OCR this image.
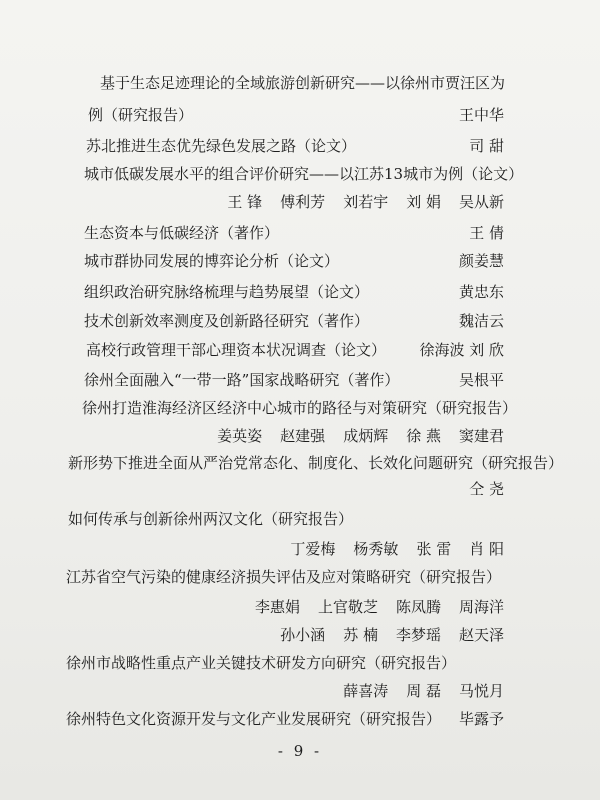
基于生态足迹理论的全域旅游创新研究——以徐州市贾汪区为
例（研究报告）	王中华
苏北推进生态优先绿色发展之路（论文）	司 甜
城市低碳发展水平的组合评价研究——以江苏13城市为例（论文）
王 锋 傅利芳 刘若宇 刘 娟 吴从新
生态资本与低碳经济（著作）	王 倩
城市群协同发展的博弈论分析（论文）	颜姜慧
组织政治研究脉络梳理与趋势展望（论文）	黄忠东
技术创新效率测度及创新路径研究（著作）	魏洁云
高校行政管理干部心理资本状况调查（论文） 徐海波 刘 欣
徐州全面融入“一带一路”国家战略研究（著作）	吴根平
徐州打造淮海经济区经济中心城市的路径与对策研究（研究报告）
姜英姿 赵建强 成炳辉 徐 燕 窦建君
新形势下推进全面从严治党常态化、制度化、长效化问题研究（研究报告）
仝 尧
如何传承与创新徐州两汉文化（研究报告）
丁爱梅 杨秀敏 张 雷 肖 阳
江苏省空气污染的健康经济损失评估及应对策略研究（研究报告）
李惠娟 上官敬芝 陈凤腾 周海洋
孙小涵 苏 楠 李梦瑶 赵天泽
徐州市战略性重点产业关键技术研发方向研究（研究报告）
薛喜涛 周 磊 马悦月
徐州特色文化资源开发与文化产业发展研究（研究报告） 毕露予
- 9 -
